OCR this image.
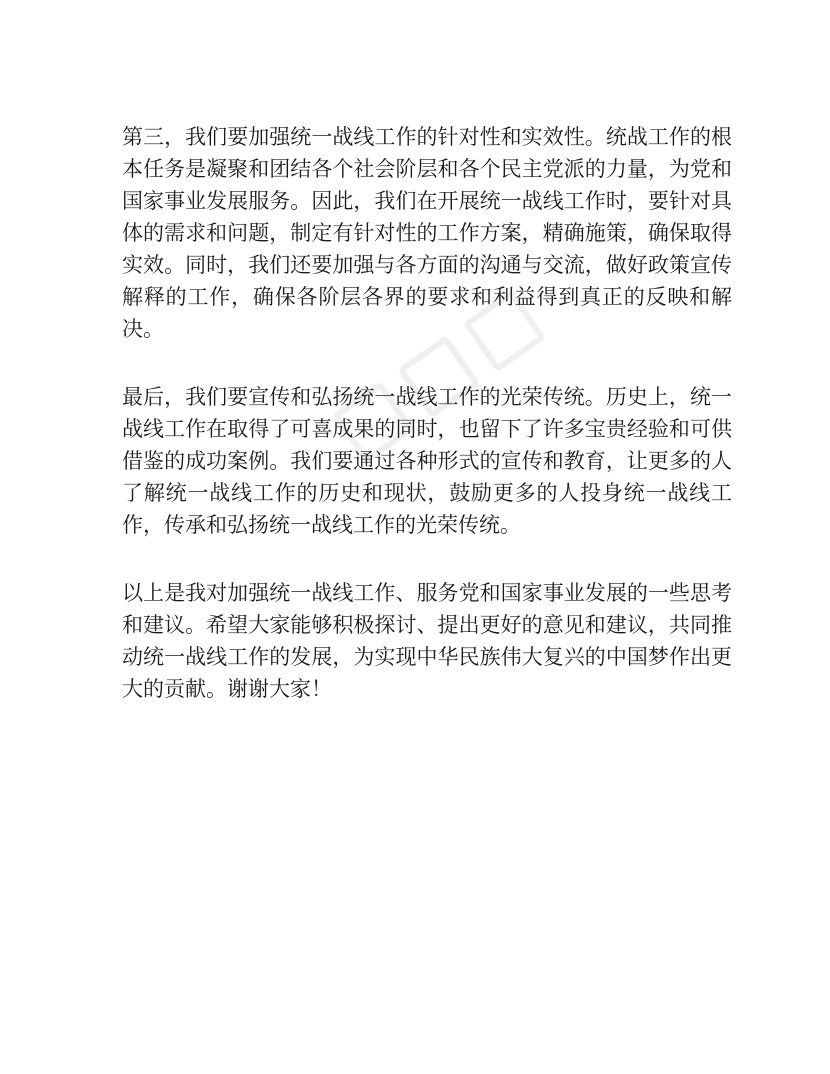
第三，我们要加强统一战线工作的针对性和实效性。统战工作的根本任务是凝聚和团结各个社会阶层和各个民主党派的力量，为党和国家事业发展服务。因此，我们在开展统一战线工作时，要针对具体的需求和问题，制定有针对性的工作方案，精确施策，确保取得实效。同时，我们还要加强与各方面的沟通与交流，做好政策宣传解释的工作，确保各阶层各界的要求和利益得到真正的反映和解决。

最后，我们要宣传和弘扬统一战线工作的光荣传统。历史上，统一战线工作在取得了可喜成果的同时，也留下了许多宝贵经验和可供借鉴的成功案例。我们要通过各种形式的宣传和教育，让更多的人了解统一战线工作的历史和现状，鼓励更多的人投身统一战线工作，传承和弘扬统一战线工作的光荣传统。

以上是我对加强统一战线工作、服务党和国家事业发展的一些思考和建议。希望大家能够积极探讨、提出更好的意见和建议，共同推动统一战线工作的发展，为实现中华民族伟大复兴的中国梦作出更大的贡献。谢谢大家！
